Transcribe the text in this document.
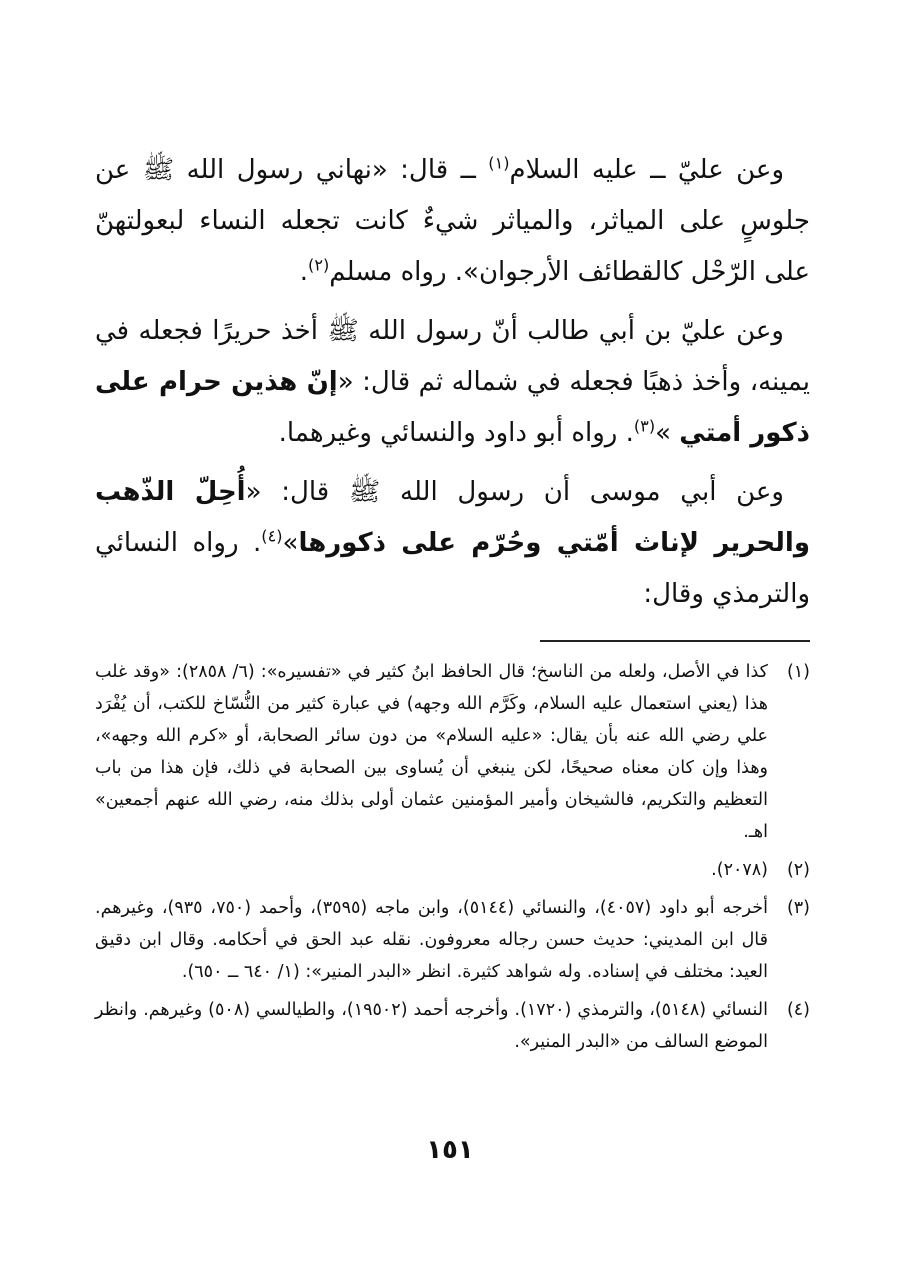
وعن عليّ ــ عليه السلام$^{(١)}$ ــ قال: «نهاني رسول الله ﷺ عن جلوسٍ على المياثر، والمياثر شيءٌ كانت تجعله النساء لبعولتهنّ على الرّحْل كالقطائف الأرجوان». رواه مسلم$^{(٢)}$.

وعن عليّ بن أبي طالب أنّ رسول الله ﷺ أخذ حريرًا فجعله في يمينه، وأخذ ذهبًا فجعله في شماله ثم قال: «إنّ هذين حرام على ذكور أمتي »$^{(٣)}$. رواه أبو داود والنسائي وغيرهما.

وعن أبي موسى أن رسول الله ﷺ قال: «أُحِلّ الذّهب والحرير لإناث أمّتي وحُرّم على ذكورها»$^{(٤)}$. رواه النسائي والترمذي وقال:

(١)
كذا في الأصل، ولعله من الناسخ؛ قال الحافظ ابنُ كثير في «تفسيره»: (٦/ ٢٨٥٨): «وقد غلب هذا (يعني استعمال عليه السلام، وكَرَّم الله وجهه) في عبارة كثير من النُّسّاخ للكتب، أن يُفْرَد علي رضي الله عنه بأن يقال: «عليه السلام» من دون سائر الصحابة، أو «كرم الله وجهه»، وهذا وإن كان معناه صحيحًا، لكن ينبغي أن يُساوى بين الصحابة في ذلك، فإن هذا من باب التعظيم والتكريم، فالشيخان وأمير المؤمنين عثمان أولى بذلك منه، رضي الله عنهم أجمعين» اهـ.
(٢)
(٢٠٧٨).
(٣)
أخرجه أبو داود (٤٠٥٧)، والنسائي (٥١٤٤)، وابن ماجه (٣٥٩٥)، وأحمد (٧٥٠، ٩٣٥)، وغيرهم. قال ابن المديني: حديث حسن رجاله معروفون. نقله عبد الحق في أحكامه. وقال ابن دقيق العيد: مختلف في إسناده. وله شواهد كثيرة. انظر «البدر المنير»: (١/ ٦٤٠ ــ ٦٥٠).
(٤)
النسائي (٥١٤٨)، والترمذي (١٧٢٠). وأخرجه أحمد (١٩٥٠٢)، والطيالسي (٥٠٨) وغيرهم. وانظر الموضع السالف من «البدر المنير».
١٥١
